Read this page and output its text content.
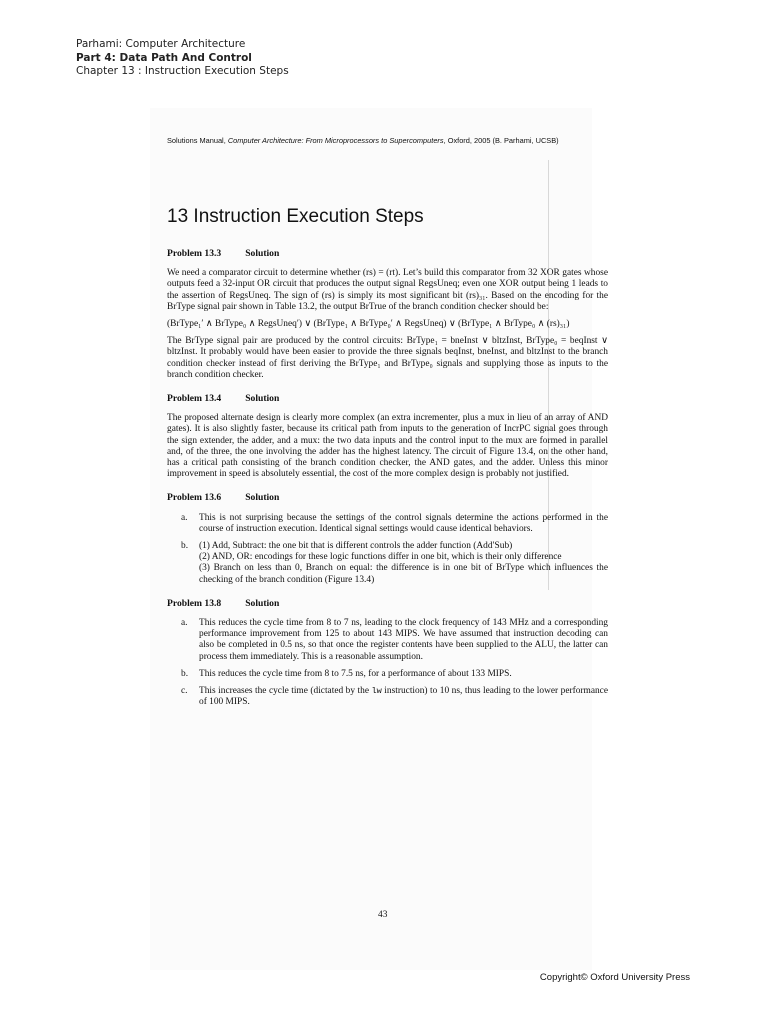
Parhami: Computer Architecture
Part 4: Data Path And Control
Chapter 13 : Instruction Execution Steps
Solutions Manual, Computer Architecture: From Microprocessors to Supercomputers, Oxford, 2005 (B. Parhami, UCSB)
13 Instruction Execution Steps
Problem 13.3	Solution

We need a comparator circuit to determine whether (rs) = (rt). Let’s build this comparator from 32 XOR gates whose outputs feed a 32-input OR circuit that produces the output signal RegsUneq; even one XOR output being 1 leads to the assertion of RegsUneq. The sign of (rs) is simply its most significant bit (rs)₃₁. Based on the encoding for the BrType signal pair shown in Table 13.2, the output BrTrue of the branch condition checker should be:

(BrType₁′ ∧ BrType₀ ∧ RegsUneq′) ∨ (BrType₁ ∧ BrType₀′ ∧ RegsUneq) ∨ (BrType₁ ∧ BrType₀ ∧ (rs)₃₁)

The BrType signal pair are produced by the control circuits: BrType₁ = bneInst ∨ bltzInst, BrType₀ = beqInst ∨ bltzInst. It probably would have been easier to provide the three signals beqInst, bneInst, and bltzInst to the branch condition checker instead of first deriving the BrType₁ and BrType₀ signals and supplying those as inputs to the branch condition checker.

Problem 13.4	Solution

The proposed alternate design is clearly more complex (an extra incrementer, plus a mux in lieu of an array of AND gates). It is also slightly faster, because its critical path from inputs to the generation of IncrPC signal goes through the sign extender, the adder, and a mux: the two data inputs and the control input to the mux are formed in parallel and, of the three, the one involving the adder has the highest latency. The circuit of Figure 13.4, on the other hand, has a critical path consisting of the branch condition checker, the AND gates, and the adder. Unless this minor improvement in speed is absolutely essential, the cost of the more complex design is probably not justified.

Problem 13.6	Solution
a.	This is not surprising because the settings of the control signals determine the actions performed in the course of instruction execution. Identical signal settings would cause identical behaviors.
b.	(1) Add, Subtract: the one bit that is different controls the adder function (Add′Sub)
(2) AND, OR: encodings for these logic functions differ in one bit, which is their only difference
(3) Branch on less than 0, Branch on equal: the difference is in one bit of BrType which influences the checking of the branch condition (Figure 13.4)
Problem 13.8	Solution
a.	This reduces the cycle time from 8 to 7 ns, leading to the clock frequency of 143 MHz and a corresponding performance improvement from 125 to about 143 MIPS. We have assumed that instruction decoding can also be completed in 0.5 ns, so that once the register contents have been supplied to the ALU, the latter can process them immediately. This is a reasonable assumption.
b.	This reduces the cycle time from 8 to 7.5 ns, for a performance of about 133 MIPS.
c.	This increases the cycle time (dictated by the lw instruction) to 10 ns, thus leading to the lower performance of 100 MIPS.
43
Copyright© Oxford University Press
